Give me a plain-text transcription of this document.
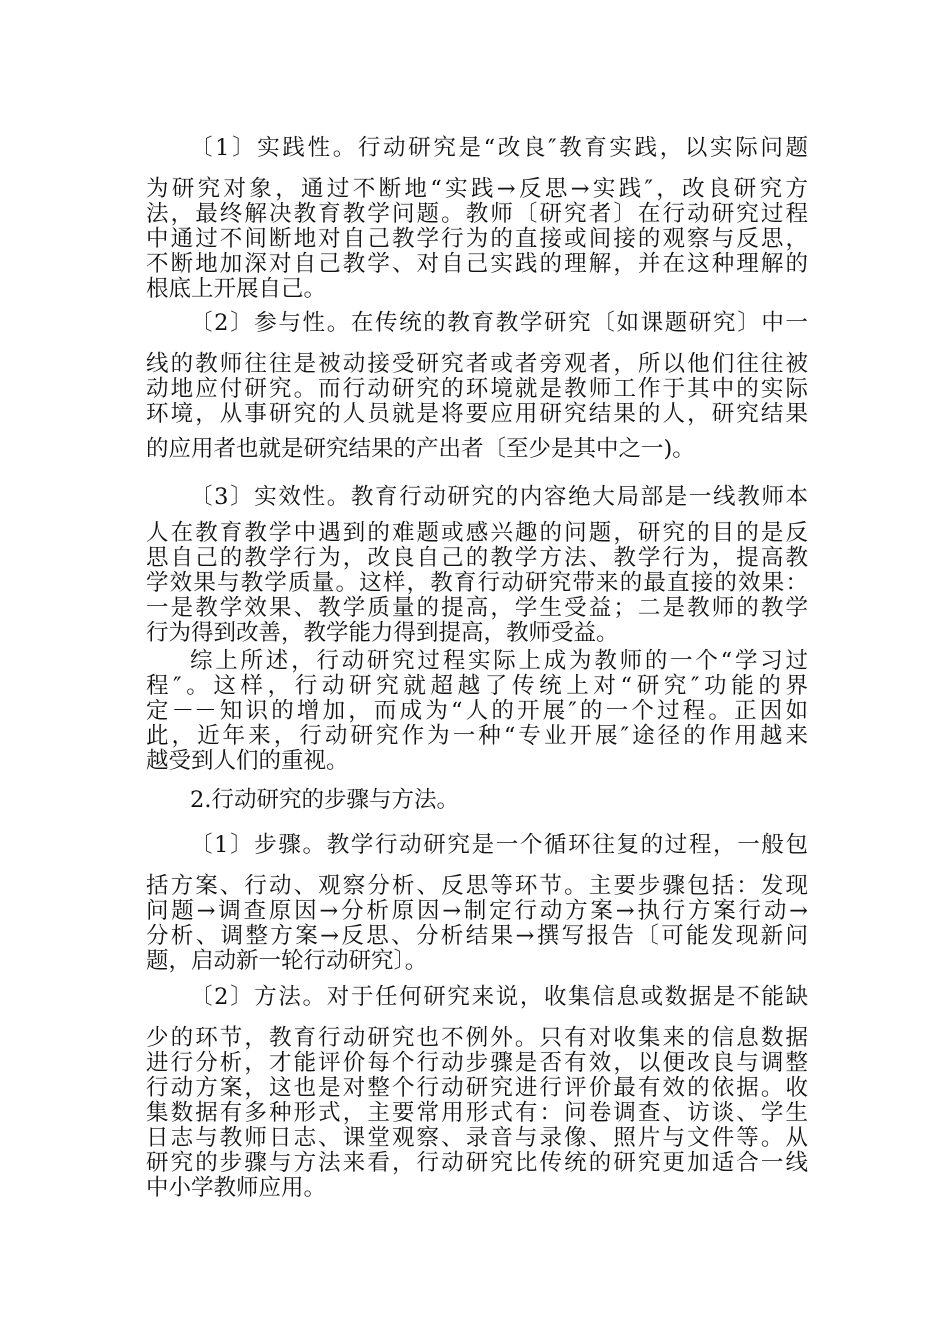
〔1〕实践性。行动研究是“改良″教育实践，以实际问题
为研究对象，通过不断地“实践→反思→实践″，改良研究方
法，最终解决教育教学问题。教师〔研究者〕在行动研究过程
中通过不间断地对自己教学行为的直接或间接的观察与反思，
不断地加深对自己教学、对自己实践的理解，并在这种理解的
根底上开展自己。
〔2〕参与性。在传统的教育教学研究〔如课题研究〕中一
线的教师往往是被动接受研究者或者旁观者，所以他们往往被
动地应付研究。而行动研究的环境就是教师工作于其中的实际
环境，从事研究的人员就是将要应用研究结果的人，研究结果
的应用者也就是研究结果的产出者〔至少是其中之一)。
〔3〕实效性。教育行动研究的内容绝大局部是一线教师本
人在教育教学中遇到的难题或感兴趣的问题，研究的目的是反
思自己的教学行为，改良自己的教学方法、教学行为，提高教
学效果与教学质量。这样，教育行动研究带来的最直接的效果：
一是教学效果、教学质量的提高，学生受益；二是教师的教学
行为得到改善，教学能力得到提高，教师受益。
综上所述，行动研究过程实际上成为教师的一个“学习过
程″。这样，行动研究就超越了传统上对“研究″功能的界
定－－知识的增加，而成为“人的开展″的一个过程。正因如
此，近年来，行动研究作为一种“专业开展″途径的作用越来
越受到人们的重视。
2.行动研究的步骤与方法。
〔1〕步骤。教学行动研究是一个循环往复的过程，一般包
括方案、行动、观察分析、反思等环节。主要步骤包括：发现
问题→调查原因→分析原因→制定行动方案→执行方案行动→
分析、调整方案→反思、分析结果→撰写报告〔可能发现新问
题，启动新一轮行动研究〕。
〔2〕方法。对于任何研究来说，收集信息或数据是不能缺
少的环节，教育行动研究也不例外。只有对收集来的信息数据
进行分析，才能评价每个行动步骤是否有效，以便改良与调整
行动方案，这也是对整个行动研究进行评价最有效的依据。收
集数据有多种形式，主要常用形式有：问卷调查、访谈、学生
日志与教师日志、课堂观察、录音与录像、照片与文件等。从
研究的步骤与方法来看，行动研究比传统的研究更加适合一线
中小学教师应用。
